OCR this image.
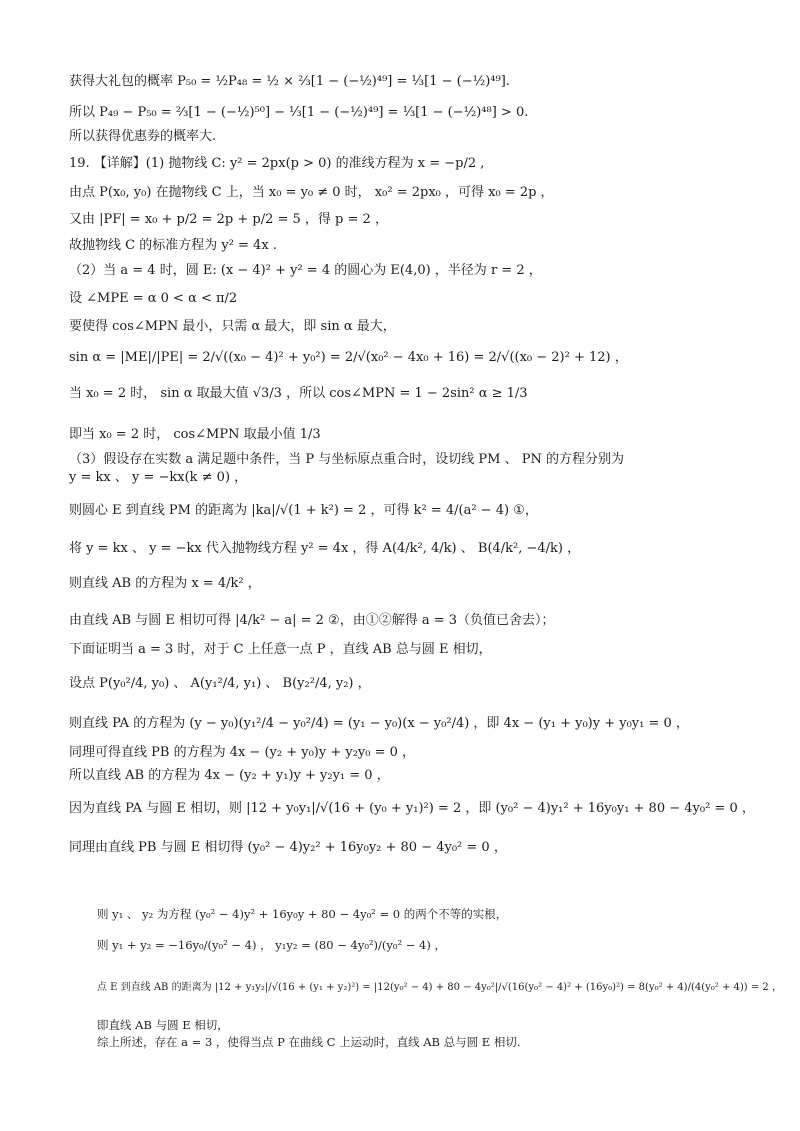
获得大礼包的概率 P₅₀ = ½P₄₈ = ½ × ⅔[1 − (−½)⁴⁹] = ⅓[1 − (−½)⁴⁹].
所以 P₄₉ − P₅₀ = ⅔[1 − (−½)⁵⁰] − ⅓[1 − (−½)⁴⁹] = ⅓[1 − (−½)⁴⁸] > 0.
所以获得优惠券的概率大.
19. 【详解】(1) 抛物线 C: y² = 2px(p > 0) 的准线方程为 x = −p/2 ,
由点 P(x₀, y₀) 在抛物线 C 上，当 x₀ = y₀ ≠ 0 时， x₀² = 2px₀ ，可得 x₀ = 2p ，
又由 |PF| = x₀ + p/2 = 2p + p/2 = 5 ，得 p = 2 ，
故抛物线 C 的标准方程为 y² = 4x .
（2）当 a = 4 时，圆 E: (x − 4)² + y² = 4 的圆心为 E(4,0) ，半径为 r = 2 ，
设 ∠MPE = α 0 < α < π/2
要使得 cos∠MPN 最小，只需 α 最大，即 sin α 最大，
sin α = |ME|/|PE| = 2/√((x₀ − 4)² + y₀²) = 2/√(x₀² − 4x₀ + 16) = 2/√((x₀ − 2)² + 12) ，
当 x₀ = 2 时， sin α 取最大值 √3/3 ，所以 cos∠MPN = 1 − 2sin² α ≥ 1/3
即当 x₀ = 2 时， cos∠MPN 取最小值 1/3
（3）假设存在实数 a 满足题中条件，当 P 与坐标原点重合时，设切线 PM 、 PN 的方程分别为
y = kx 、 y = −kx(k ≠ 0) ，
则圆心 E 到直线 PM 的距离为 |ka|/√(1 + k²) = 2 ，可得 k² = 4/(a² − 4) ①，
将 y = kx 、 y = −kx 代入抛物线方程 y² = 4x ，得 A(4/k², 4/k) 、 B(4/k², −4/k) ，
则直线 AB 的方程为 x = 4/k² ，
由直线 AB 与圆 E 相切可得 |4/k² − a| = 2 ②，由①②解得 a = 3（负值已舍去）；
下面证明当 a = 3 时，对于 C 上任意一点 P ，直线 AB 总与圆 E 相切，
设点 P(y₀²/4, y₀) 、 A(y₁²/4, y₁) 、 B(y₂²/4, y₂) ，
则直线 PA 的方程为 (y − y₀)(y₁²/4 − y₀²/4) = (y₁ − y₀)(x − y₀²/4) ，即 4x − (y₁ + y₀)y + y₀y₁ = 0 ，
同理可得直线 PB 的方程为 4x − (y₂ + y₀)y + y₂y₀ = 0 ，
所以直线 AB 的方程为 4x − (y₂ + y₁)y + y₂y₁ = 0 ，
因为直线 PA 与圆 E 相切，则 |12 + y₀y₁|/√(16 + (y₀ + y₁)²) = 2 ，即 (y₀² − 4)y₁² + 16y₀y₁ + 80 − 4y₀² = 0 ，
同理由直线 PB 与圆 E 相切得 (y₀² − 4)y₂² + 16y₀y₂ + 80 − 4y₀² = 0 ，
则 y₁ 、 y₂ 为方程 (y₀² − 4)y² + 16y₀y + 80 − 4y₀² = 0 的两个不等的实根，
则 y₁ + y₂ = −16y₀/(y₀² − 4) ， y₁y₂ = (80 − 4y₀²)/(y₀² − 4) ，
点 E 到直线 AB 的距离为 |12 + y₁y₂|/√(16 + (y₁ + y₂)²) = |12(y₀² − 4) + 80 − 4y₀²|/√(16(y₀² − 4)² + (16y₀)²) = 8(y₀² + 4)/(4(y₀² + 4)) = 2 ，
即直线 AB 与圆 E 相切，
综上所述，存在 a = 3 ，使得当点 P 在曲线 C 上运动时，直线 AB 总与圆 E 相切.
